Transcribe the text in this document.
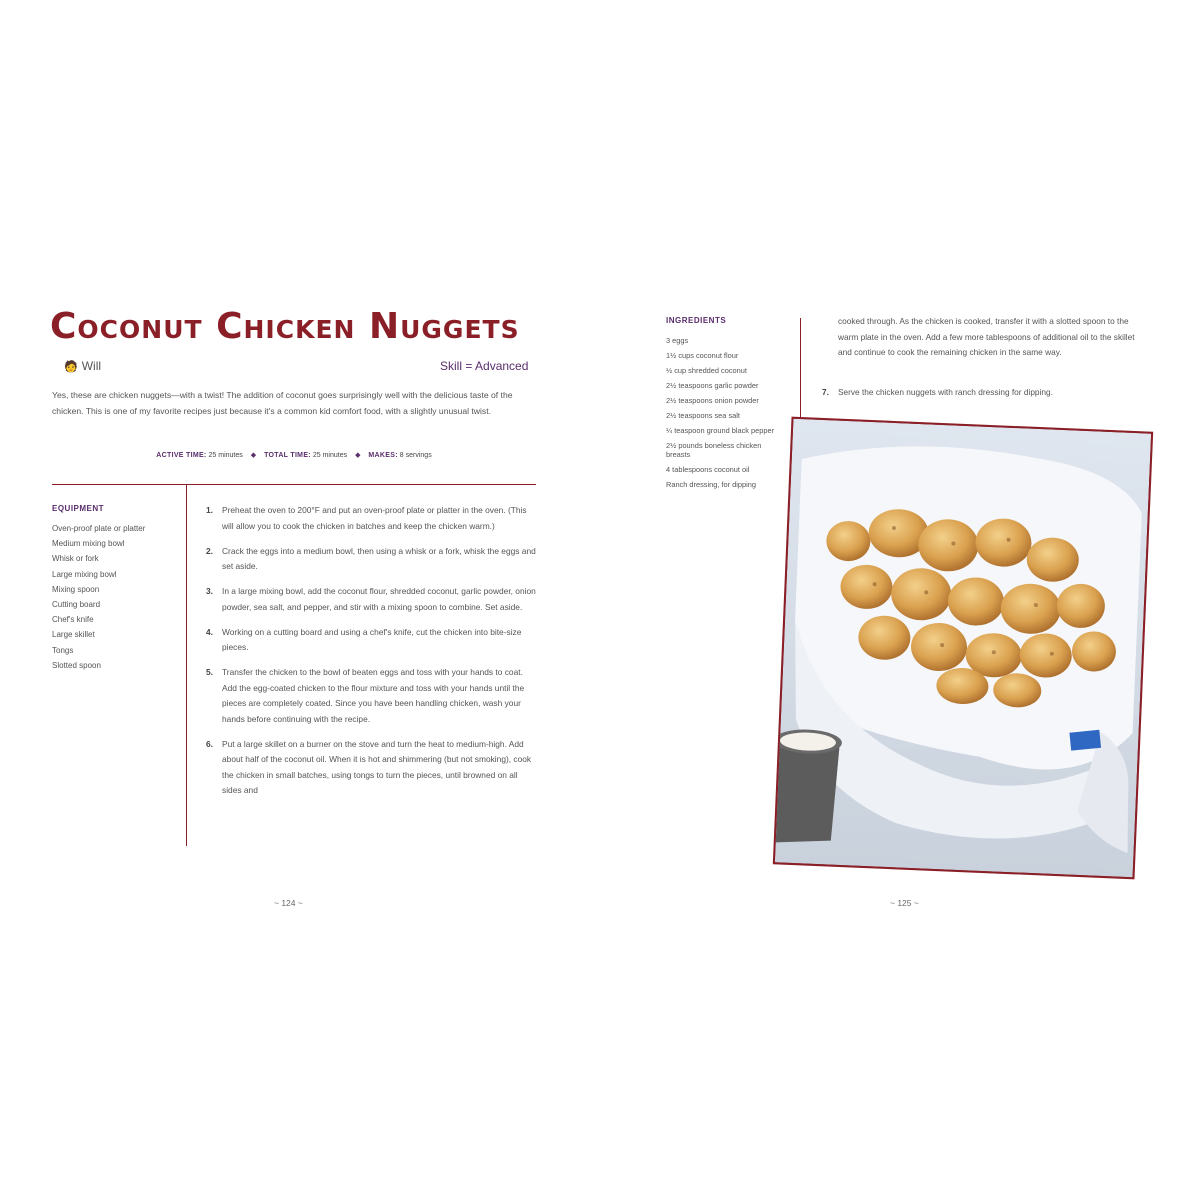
Coconut Chicken Nuggets
🧑 Will	Skill = Advanced
Yes, these are chicken nuggets—with a twist! The addition of coconut goes surprisingly well with the delicious taste of the chicken. This is one of my favorite recipes just because it's a common kid comfort food, with a slightly unusual twist.
ACTIVE TIME: 25 minutes ◆ TOTAL TIME: 25 minutes ◆ MAKES: 8 servings
EQUIPMENT
Oven-proof plate or platter
Medium mixing bowl
Whisk or fork
Large mixing bowl
Mixing spoon
Cutting board
Chef's knife
Large skillet
Tongs
Slotted spoon
1.	Preheat the oven to 200°F and put an oven-proof plate or platter in the oven. (This will allow you to cook the chicken in batches and keep the chicken warm.)
2.	Crack the eggs into a medium bowl, then using a whisk or a fork, whisk the eggs and set aside.
3.	In a large mixing bowl, add the coconut flour, shredded coconut, garlic powder, onion powder, sea salt, and pepper, and stir with a mixing spoon to combine. Set aside.
4.	Working on a cutting board and using a chef's knife, cut the chicken into bite-size pieces.
5.	Transfer the chicken to the bowl of beaten eggs and toss with your hands to coat. Add the egg-coated chicken to the flour mixture and toss with your hands until the pieces are completely coated. Since you have been handling chicken, wash your hands before continuing with the recipe.
6.	Put a large skillet on a burner on the stove and turn the heat to medium-high. Add about half of the coconut oil. When it is hot and shimmering (but not smoking), cook the chicken in small batches, using tongs to turn the pieces, until browned on all sides and
~ 124 ~
INGREDIENTS
3 eggs
1½ cups coconut flour
½ cup shredded coconut
2½ teaspoons garlic powder
2½ teaspoons onion powder
2½ teaspoons sea salt
¼ teaspoon ground black pepper
2½ pounds boneless chicken breasts
4 tablespoons coconut oil
Ranch dressing, for dipping
cooked through. As the chicken is cooked, transfer it with a slotted spoon to the warm plate in the oven. Add a few more tablespoons of additional oil to the skillet and continue to cook the remaining chicken in the same way.
7.	Serve the chicken nuggets with ranch dressing for dipping.
~ 125 ~
